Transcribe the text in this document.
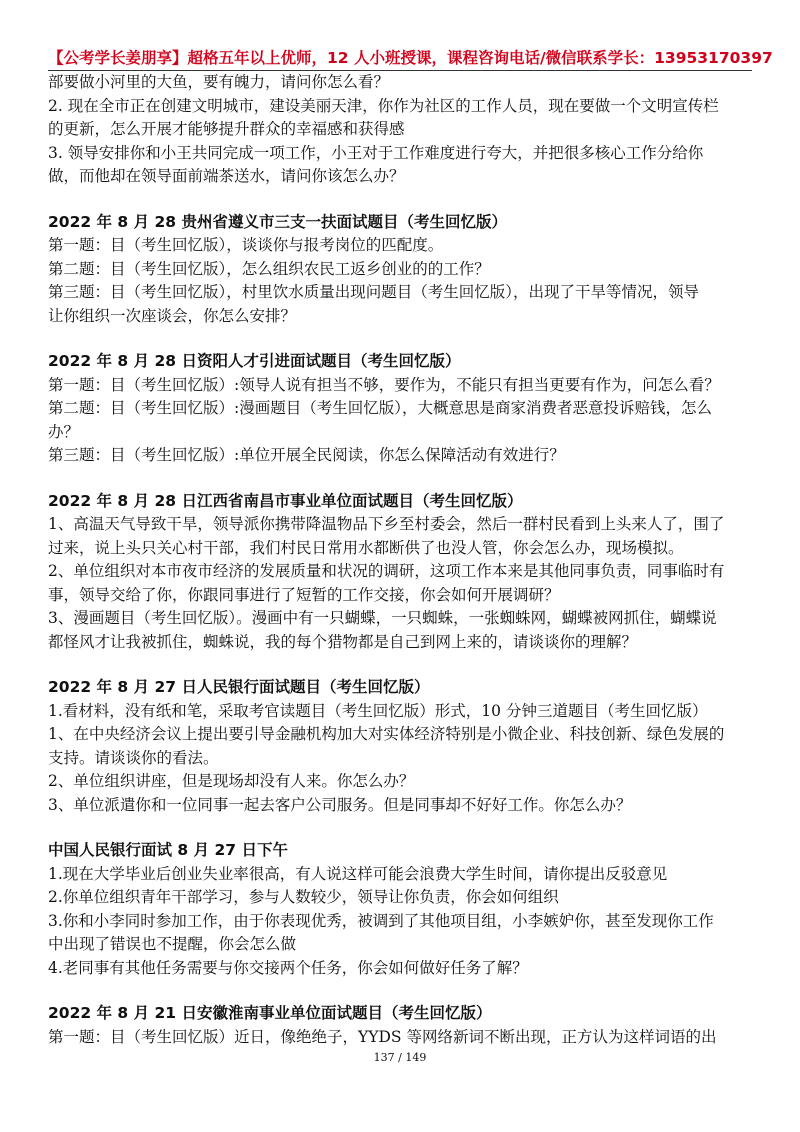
【公考学长姜朋享】超格五年以上优师，12 人小班授课，课程咨询电话/微信联系学长：13953170397
部要做小河里的大鱼，要有魄力，请问你怎么看？
2. 现在全市正在创建文明城市，建设美丽天津，你作为社区的工作人员，现在要做一个文明宣传栏
的更新，怎么开展才能够提升群众的幸福感和获得感
3. 领导安排你和小王共同完成一项工作，小王对于工作难度进行夸大，并把很多核心工作分给你
做，而他却在领导面前端茶送水，请问你该怎么办？
2022 年 8 月 28 贵州省遵义市三支一扶面试题目（考生回忆版）
第一题：目（考生回忆版），谈谈你与报考岗位的匹配度。
第二题：目（考生回忆版），怎么组织农民工返乡创业的的工作？
第三题：目（考生回忆版），村里饮水质量出现问题目（考生回忆版），出现了干旱等情况，领导
让你组织一次座谈会，你怎么安排？
2022 年 8 月 28 日资阳人才引进面试题目（考生回忆版）
第一题：目（考生回忆版）:领导人说有担当不够，要作为，不能只有担当更要有作为，问怎么看？
第二题：目（考生回忆版）:漫画题目（考生回忆版），大概意思是商家消费者恶意投诉赔钱，怎么
办？
第三题：目（考生回忆版）:单位开展全民阅读，你怎么保障活动有效进行？
2022 年 8 月 28 日江西省南昌市事业单位面试题目（考生回忆版）
1、高温天气导致干旱，领导派你携带降温物品下乡至村委会，然后一群村民看到上头来人了，围了
过来，说上头只关心村干部，我们村民日常用水都断供了也没人管，你会怎么办，现场模拟。
2、单位组织对本市夜市经济的发展质量和状况的调研，这项工作本来是其他同事负责，同事临时有
事，领导交给了你，你跟同事进行了短暂的工作交接，你会如何开展调研？
3、漫画题目（考生回忆版）。漫画中有一只蝴蝶，一只蜘蛛，一张蜘蛛网，蝴蝶被网抓住，蝴蝶说
都怪风才让我被抓住，蜘蛛说，我的每个猎物都是自己到网上来的，请谈谈你的理解？
2022 年 8 月 27 日人民银行面试题目（考生回忆版）
1.看材料，没有纸和笔，采取考官读题目（考生回忆版）形式，10 分钟三道题目（考生回忆版）
1、在中央经济会议上提出要引导金融机构加大对实体经济特别是小微企业、科技创新、绿色发展的
支持。请谈谈你的看法。
2、单位组织讲座，但是现场却没有人来。你怎么办？
3、单位派遣你和一位同事一起去客户公司服务。但是同事却不好好工作。你怎么办？
中国人民银行面试 8 月 27 日下午
1.现在大学毕业后创业失业率很高，有人说这样可能会浪费大学生时间，请你提出反驳意见
2.你单位组织青年干部学习，参与人数较少，领导让你负责，你会如何组织
3.你和小李同时参加工作，由于你表现优秀，被调到了其他项目组，小李嫉妒你，甚至发现你工作
中出现了错误也不提醒，你会怎么做
4.老同事有其他任务需要与你交接两个任务，你会如何做好任务了解？
2022 年 8 月 21 日安徽淮南事业单位面试题目（考生回忆版）
第一题：目（考生回忆版）近日，像绝绝子，YYDS 等网络新词不断出现，正方认为这样词语的出
137 / 149
